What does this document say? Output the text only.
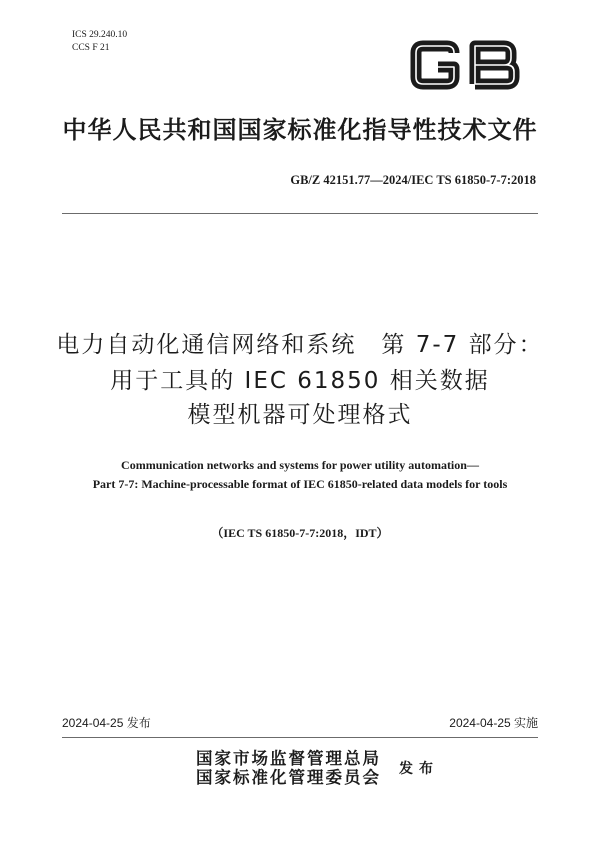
ICS 29.240.10
CCS F 21
中华人民共和国国家标准化指导性技术文件
GB/Z 42151.77—2024/IEC TS 61850-7-7:2018
电力自动化通信网络和系统　第 7-7 部分：
用于工具的 IEC 61850 相关数据
模型机器可处理格式
Communication networks and systems for power utility automation—
Part 7-7: Machine-processable format of IEC 61850-related data models for tools
（IEC TS 61850-7-7:2018，IDT）
2024-04-25 发布	2024-04-25 实施
国家市场监督管理总局
国家标准化管理委员会 发布
